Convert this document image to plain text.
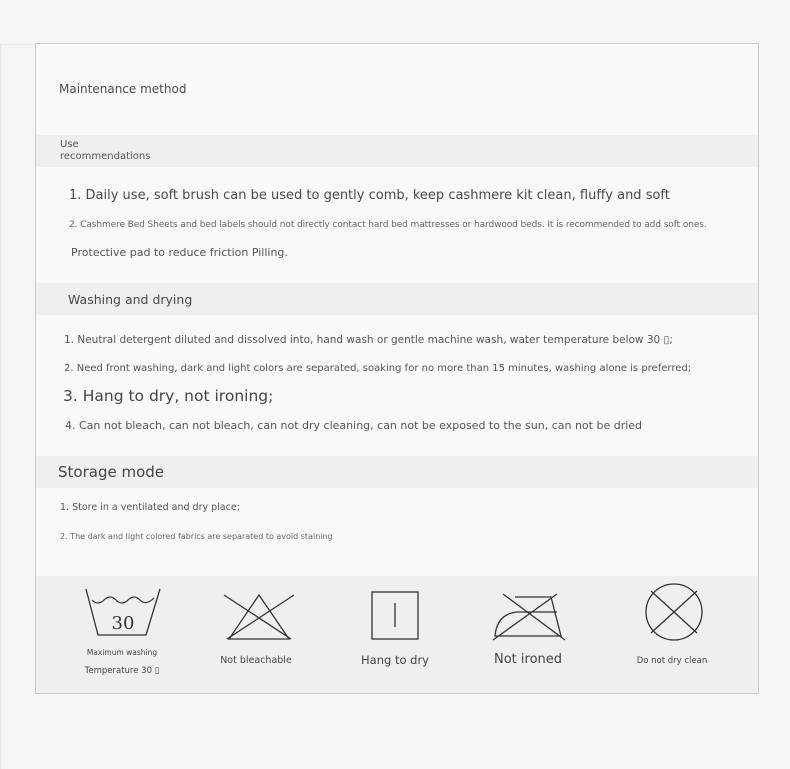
Maintenance method
Use
recommendations
1. Daily use, soft brush can be used to gently comb, keep cashmere kit clean, fluffy and soft
2. Cashmere Bed Sheets and bed labels should not directly contact hard bed mattresses or hardwood beds. It is recommended to add soft ones.
Protective pad to reduce friction Pilling.
Washing and drying
1. Neutral detergent diluted and dissolved into, hand wash or gentle machine wash, water temperature below 30 ▯;
2. Need front washing, dark and light colors are separated, soaking for no more than 15 minutes, washing alone is preferred;
3. Hang to dry, not ironing;
4. Can not bleach, can not bleach, can not dry cleaning, can not be exposed to the sun, can not be dried
Storage mode
1. Store in a ventilated and dry place;
2. The dark and light colored fabrics are separated to avoid staining
30
Maximum washing
Temperature 30 ▯
Not bleachable	Hang to dry	Not ironed	Do not dry clean
